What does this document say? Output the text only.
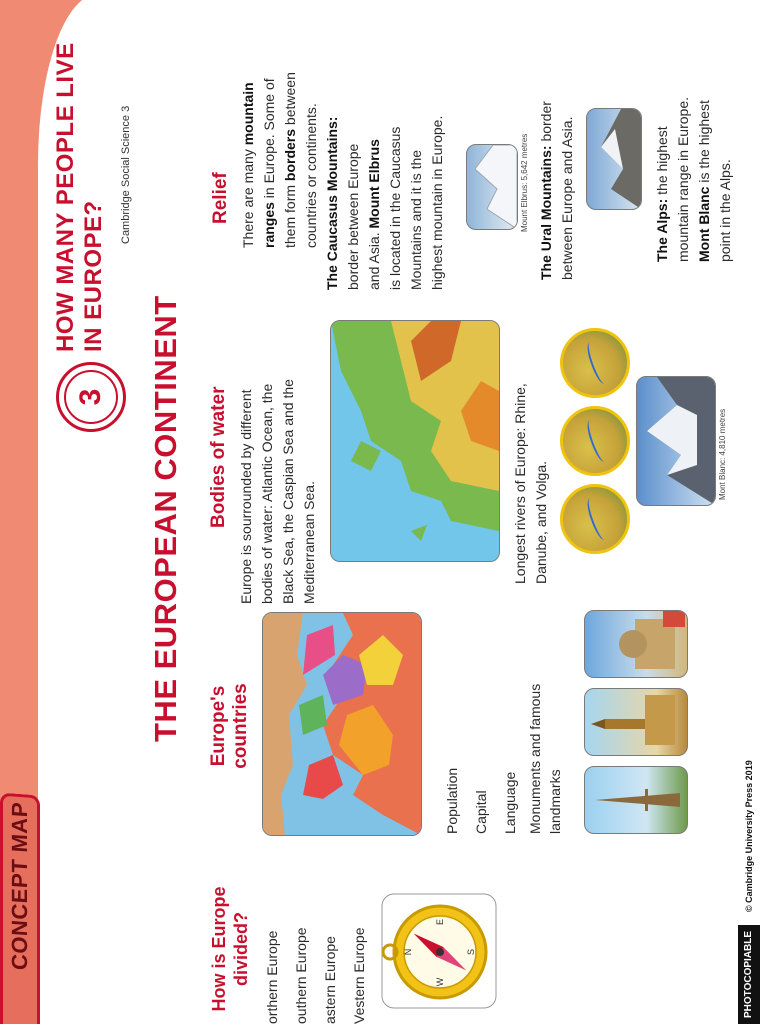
CONCEPT MAP
3
HOW MANY PEOPLE LIVE IN EUROPE?
Cambridge Social Science 3
THE EUROPEAN CONTINENT
How is Europe divided? orthern Europe outhern Europe astern Europe Vestern Europe	N
E
S
W
Europe's countries
Population Capital Language Monuments and famous landmarks
Bodies of water Europe is sourrounded by different bodies of water: Atlantic Ocean, the Black Sea, the Caspian Sea and the Mediterranean Sea.	Longest rivers of Europe: Rhine, Danube, and Volga.
Mont Blanc: 4,810 metres
Relief There are many mountain
ranges in Europe. Some of
them form borders between
countries or continents. The Caucasus Mountains: border between Europe and Asia. Mount Elbrus is located in the Caucasus Mountains and it is the highest mountain in Europe.	Mount Elbrus: 5,642 metres The Ural Mountains: border between Europe and Asia.	The Alps: the highest mountain range in Europe. Mont Blanc is the highest
point in the Alps.
PHOTOCOPIABLE
© Cambridge University Press 2019
